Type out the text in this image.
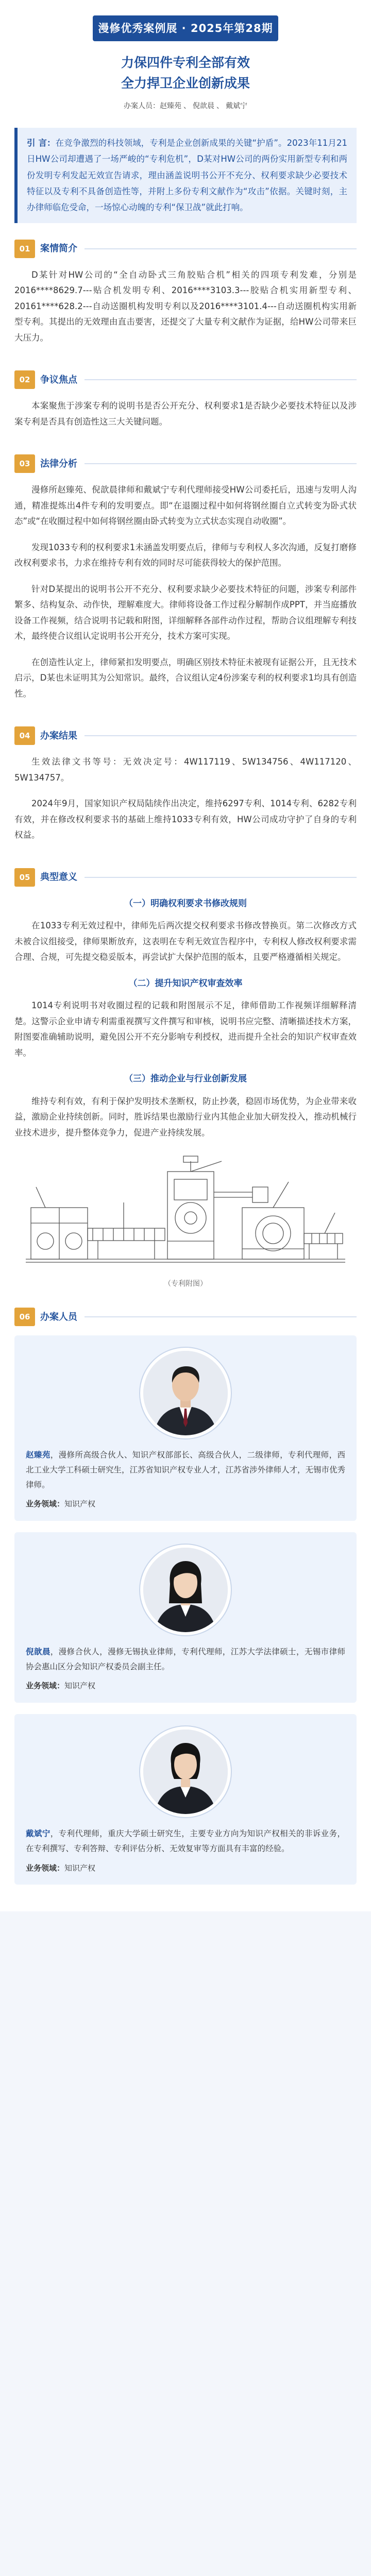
漫修优秀案例展 · 2025年第28期
力保四件专利全部有效
全力捍卫企业创新成果
办案人员：赵臻苑 、 倪歆晨 、 戴斌宁
引 言：在竞争激烈的科技领域，专利是企业创新成果的关键“护盾”。2023年11月21日HW公司却遭遇了一场严峻的“专利危机”，D某对HW公司的两份实用新型专利和两份发明专利发起无效宣告请求，理由涵盖说明书公开不充分、权利要求缺少必要技术特征以及专利不具备创造性等，并附上多份专利文献作为“攻击”依据。关键时刻，主办律师临危受命，一场惊心动魄的专利“保卫战”就此打响。
01	案情简介

D某针对HW公司的“全自动卧式三角胶贴合机”相关的四项专利发难，分别是2016****8629.7---贴合机发明专利、2016****3103.3---胶贴合机实用新型专利、20161****628.2---自动送圈机构发明专利以及2016****3101.4---自动送圈机构实用新型专利。其提出的无效理由直击要害，还提交了大量专利文献作为证据，给HW公司带来巨大压力。

02	争议焦点

本案聚焦于涉案专利的说明书是否公开充分、权利要求1是否缺少必要技术特征以及涉案专利是否具有创造性这三大关键问题。

03	法律分析

漫修所赵臻苑、倪歆晨律师和戴斌宁专利代理师接受HW公司委托后，迅速与发明人沟通，精准提炼出4件专利的发明要点。即“在退圈过程中如何将钢丝圈自立式转变为卧式状态”或“在收圈过程中如何将钢丝圈由卧式转变为立式状态实现自动收圈”。

发现1033专利的权利要求1未涵盖发明要点后，律师与专利权人多次沟通，反复打磨修改权利要求书，力求在维持专利有效的同时尽可能获得较大的保护范围。

针对D某提出的说明书公开不充分、权利要求缺少必要技术特征的问题，涉案专利部件繁多、结构复杂、动作快，理解难度大。律师将设备工作过程分解制作成PPT，并当庭播放设备工作视频，结合说明书记载和附图，详细解释各部件动作过程，帮助合议组理解专利技术，最终使合议组认定说明书公开充分，技术方案可实现。

在创造性认定上，律师紧扣发明要点，明确区别技术特征未被现有证据公开，且无技术启示，D某也未证明其为公知常识。最终，合议组认定4份涉案专利的权利要求1均具有创造性。

04	办案结果

生效法律文书等号：无效决定号：4W117119、5W134756、4W117120、5W134757。

2024年9月，国家知识产权局陆续作出决定，维持6297专利、1014专利、6282专利有效，并在修改权利要求书的基础上维持1033专利有效，HW公司成功守护了自身的专利权益。

05	典型意义
（一）明确权利要求书修改规则

在1033专利无效过程中，律师先后两次提交权利要求书修改替换页。第二次修改方式未被合议组接受，律师果断放弃，这表明在专利无效宣告程序中，专利权人修改权利要求需合理、合规，可先提交稳妥版本，再尝试扩大保护范围的版本，且要严格遵循相关规定。

（二）提升知识产权审查效率

1014专利说明书对收圈过程的记载和附图展示不足，律师借助工作视频详细解释清楚。这警示企业申请专利需重视撰写文件撰写和审核，说明书应完整、清晰描述技术方案，附图要准确辅助说明，避免因公开不充分影响专利授权，进而提升全社会的知识产权审查效率。

（三）推动企业与行业创新发展

维持专利有效，有利于保护发明技术垄断权，防止抄袭，稳固市场优势，为企业带来收益，激励企业持续创新。同时，胜诉结果也激励行业内其他企业加大研发投入，推动机械行业技术进步，提升整体竞争力，促进产业持续发展。

（专利附图）
06	办案人员
赵臻苑，漫修所高级合伙人、知识产权部部长、高级合伙人，二级律师，专利代理师，西北工业大学工科硕士研究生，江苏省知识产权专业人才，江苏省涉外律师人才，无锡市优秀律师。
业务领域：知识产权
倪歆晨，漫修合伙人，漫修无锡执业律师，专利代理师，江苏大学法律硕士，无锡市律师协会惠山区分会知识产权委员会副主任。
业务领域：知识产权
戴斌宁，专利代理师，重庆大学硕士研究生，主要专业方向为知识产权相关的非诉业务，在专利撰写、专利答辩、专利评估分析、无效复审等方面具有丰富的经验。
业务领域：知识产权
